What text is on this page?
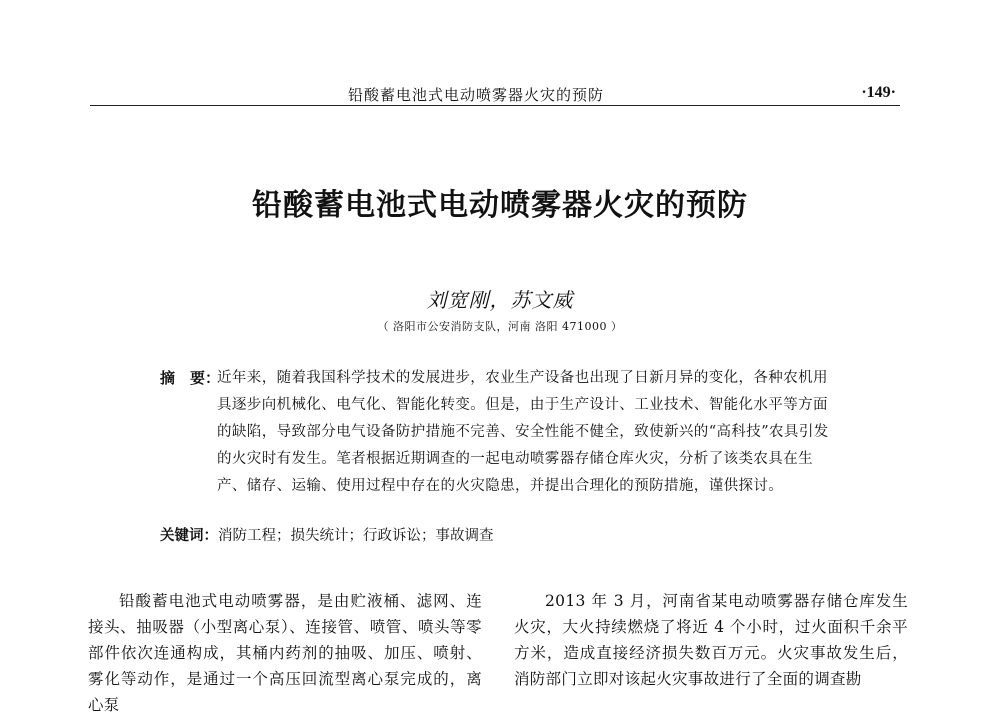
铅酸蓄电池式电动喷雾器火灾的预防	·149·
铅酸蓄电池式电动喷雾器火灾的预防
刘宽刚，苏文威
（ 洛阳市公安消防支队，河南 洛阳 471000 ）
摘　要：
近年来，随着我国科学技术的发展进步，农业生产设备也出现了日新月异的变化，各种农机用具逐步向机械化、电气化、智能化转变。但是，由于生产设计、工业技术、智能化水平等方面的缺陷，导致部分电气设备防护措施不完善、安全性能不健全，致使新兴的“高科技”农具引发的火灾时有发生。笔者根据近期调查的一起电动喷雾器存储仓库火灾，分析了该类农具在生产、储存、运输、使用过程中存在的火灾隐患，并提出合理化的预防措施，谨供探讨。
关键词：消防工程；损失统计；行政诉讼；事故调查
铅酸蓄电池式电动喷雾器，是由贮液桶、滤网、连接头、抽吸器（小型离心泵）、连接管、喷管、喷头等零部件依次连通构成，其桶内药剂的抽吸、加压、喷射、雾化等动作，是通过一个高压回流型离心泵完成的，离心泵
2013 年 3 月，河南省某电动喷雾器存储仓库发生火灾，大火持续燃烧了将近 4 个小时，过火面积千余平方米，造成直接经济损失数百万元。火灾事故发生后，消防部门立即对该起火灾事故进行了全面的调查勘
